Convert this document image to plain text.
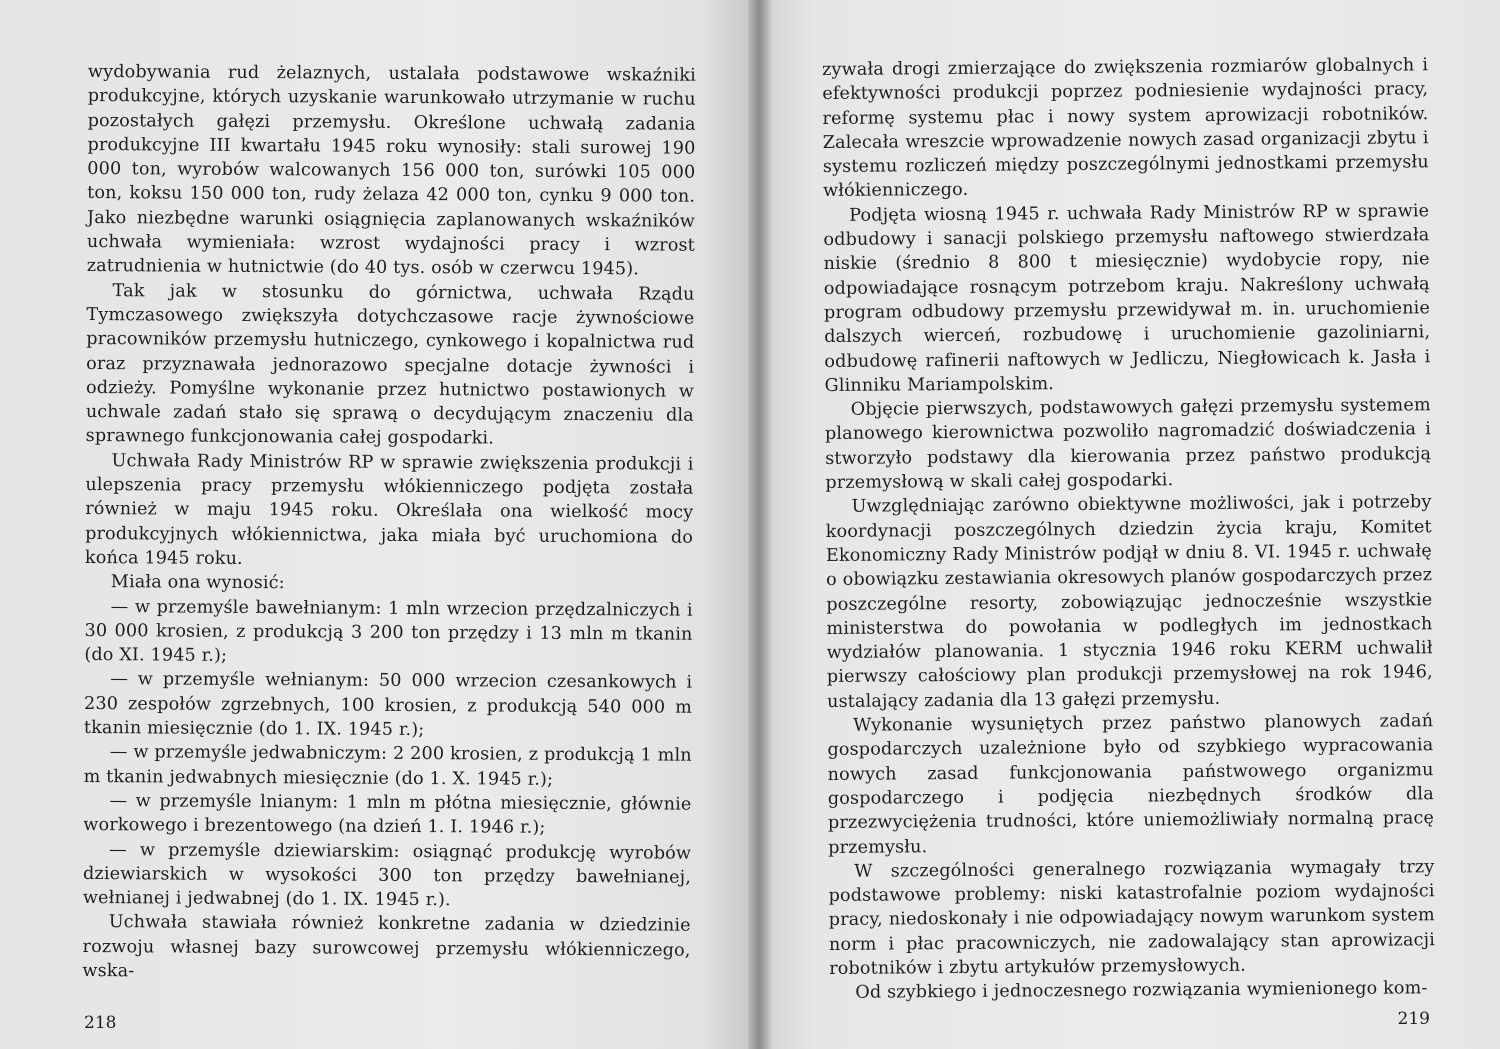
wydobywania rud żelaznych, ustalała podstawowe wskaźniki produkcyjne, których uzyskanie warunkowało utrzymanie w ruchu pozostałych gałęzi przemysłu. Określone uchwałą zadania produkcyjne III kwartału 1945 roku wynosiły: stali surowej 190 000 ton, wyrobów walcowanych 156 000 ton, surówki 105 000 ton, koksu 150 000 ton, rudy żelaza 42 000 ton, cynku 9 000 ton. Jako niezbędne warunki osiągnięcia zaplanowanych wskaźników uchwała wymieniała: wzrost wydajności pracy i wzrost zatrudnienia w hutnictwie (do 40 tys. osób w czerwcu 1945).

Tak jak w stosunku do górnictwa, uchwała Rządu Tymczasowego zwiększyła dotychczasowe racje żywnościowe pracowników przemysłu hutniczego, cynkowego i kopalnictwa rud oraz przyznawała jednorazowo specjalne dotacje żywności i odzieży. Pomyślne wykonanie przez hutnictwo postawionych w uchwale zadań stało się sprawą o decydującym znaczeniu dla sprawnego funkcjonowania całej gospodarki.

Uchwała Rady Ministrów RP w sprawie zwiększenia produkcji i ulepszenia pracy przemysłu włókienniczego podjęta została również w maju 1945 roku. Określała ona wielkość mocy produkcyjnych włókiennictwa, jaka miała być uruchomiona do końca 1945 roku.

Miała ona wynosić:

— w przemyśle bawełnianym: 1 mln wrzecion przędzalniczych i 30 000 krosien, z produkcją 3 200 ton przędzy i 13 mln m tkanin (do XI. 1945 r.);

— w przemyśle wełnianym: 50 000 wrzecion czesankowych i 230 zespołów zgrzebnych, 100 krosien, z produkcją 540 000 m tkanin miesięcznie (do 1. IX. 1945 r.);

— w przemyśle jedwabniczym: 2 200 krosien, z produkcją 1 mln m tkanin jedwabnych miesięcznie (do 1. X. 1945 r.);

— w przemyśle lnianym: 1 mln m płótna miesięcznie, głównie workowego i brezentowego (na dzień 1. I. 1946 r.);

— w przemyśle dziewiarskim: osiągnąć produkcję wyrobów dziewiarskich w wysokości 300 ton przędzy bawełnianej, wełnianej i jedwabnej (do 1. IX. 1945 r.).

Uchwała stawiała również konkretne zadania w dziedzinie rozwoju własnej bazy surowcowej przemysłu włókienniczego, wska-

218

zywała drogi zmierzające do zwiększenia rozmiarów globalnych i efektywności produkcji poprzez podniesienie wydajności pracy, reformę systemu płac i nowy system aprowizacji robotników. Zalecała wreszcie wprowadzenie nowych zasad organizacji zbytu i systemu rozliczeń między poszczególnymi jednostkami przemysłu włókienniczego.

Podjęta wiosną 1945 r. uchwała Rady Ministrów RP w sprawie odbudowy i sanacji polskiego przemysłu naftowego stwierdzała niskie (średnio 8 800 t miesięcznie) wydobycie ropy, nie odpowiadające rosnącym potrzebom kraju. Nakreślony uchwałą program odbudowy przemysłu przewidywał m. in. uruchomienie dalszych wierceń, rozbudowę i uruchomienie gazoliniarni, odbudowę rafinerii naftowych w Jedliczu, Niegłowicach k. Jasła i Glinniku Mariampolskim.

Objęcie pierwszych, podstawowych gałęzi przemysłu systemem planowego kierownictwa pozwoliło nagromadzić doświadczenia i stworzyło podstawy dla kierowania przez państwo produkcją przemysłową w skali całej gospodarki.

Uwzględniając zarówno obiektywne możliwości, jak i potrzeby koordynacji poszczególnych dziedzin życia kraju, Komitet Ekonomiczny Rady Ministrów podjął w dniu 8. VI. 1945 r. uchwałę o obowiązku zestawiania okresowych planów gospodarczych przez poszczególne resorty, zobowiązując jednocześnie wszystkie ministerstwa do powołania w podległych im jednostkach wydziałów planowania. 1 stycznia 1946 roku KERM uchwalił pierwszy całościowy plan produkcji przemysłowej na rok 1946, ustalający zadania dla 13 gałęzi przemysłu.

Wykonanie wysuniętych przez państwo planowych zadań gospodarczych uzależnione było od szybkiego wypracowania nowych zasad funkcjonowania państwowego organizmu gospodarczego i podjęcia niezbędnych środków dla przezwyciężenia trudności, które uniemożliwiały normalną pracę przemysłu.

W szczególności generalnego rozwiązania wymagały trzy podstawowe problemy: niski katastrofalnie poziom wydajności pracy, niedoskonały i nie odpowiadający nowym warunkom system norm i płac pracowniczych, nie zadowalający stan aprowizacji robotników i zbytu artykułów przemysłowych.

Od szybkiego i jednoczesnego rozwiązania wymienionego kom-

219
